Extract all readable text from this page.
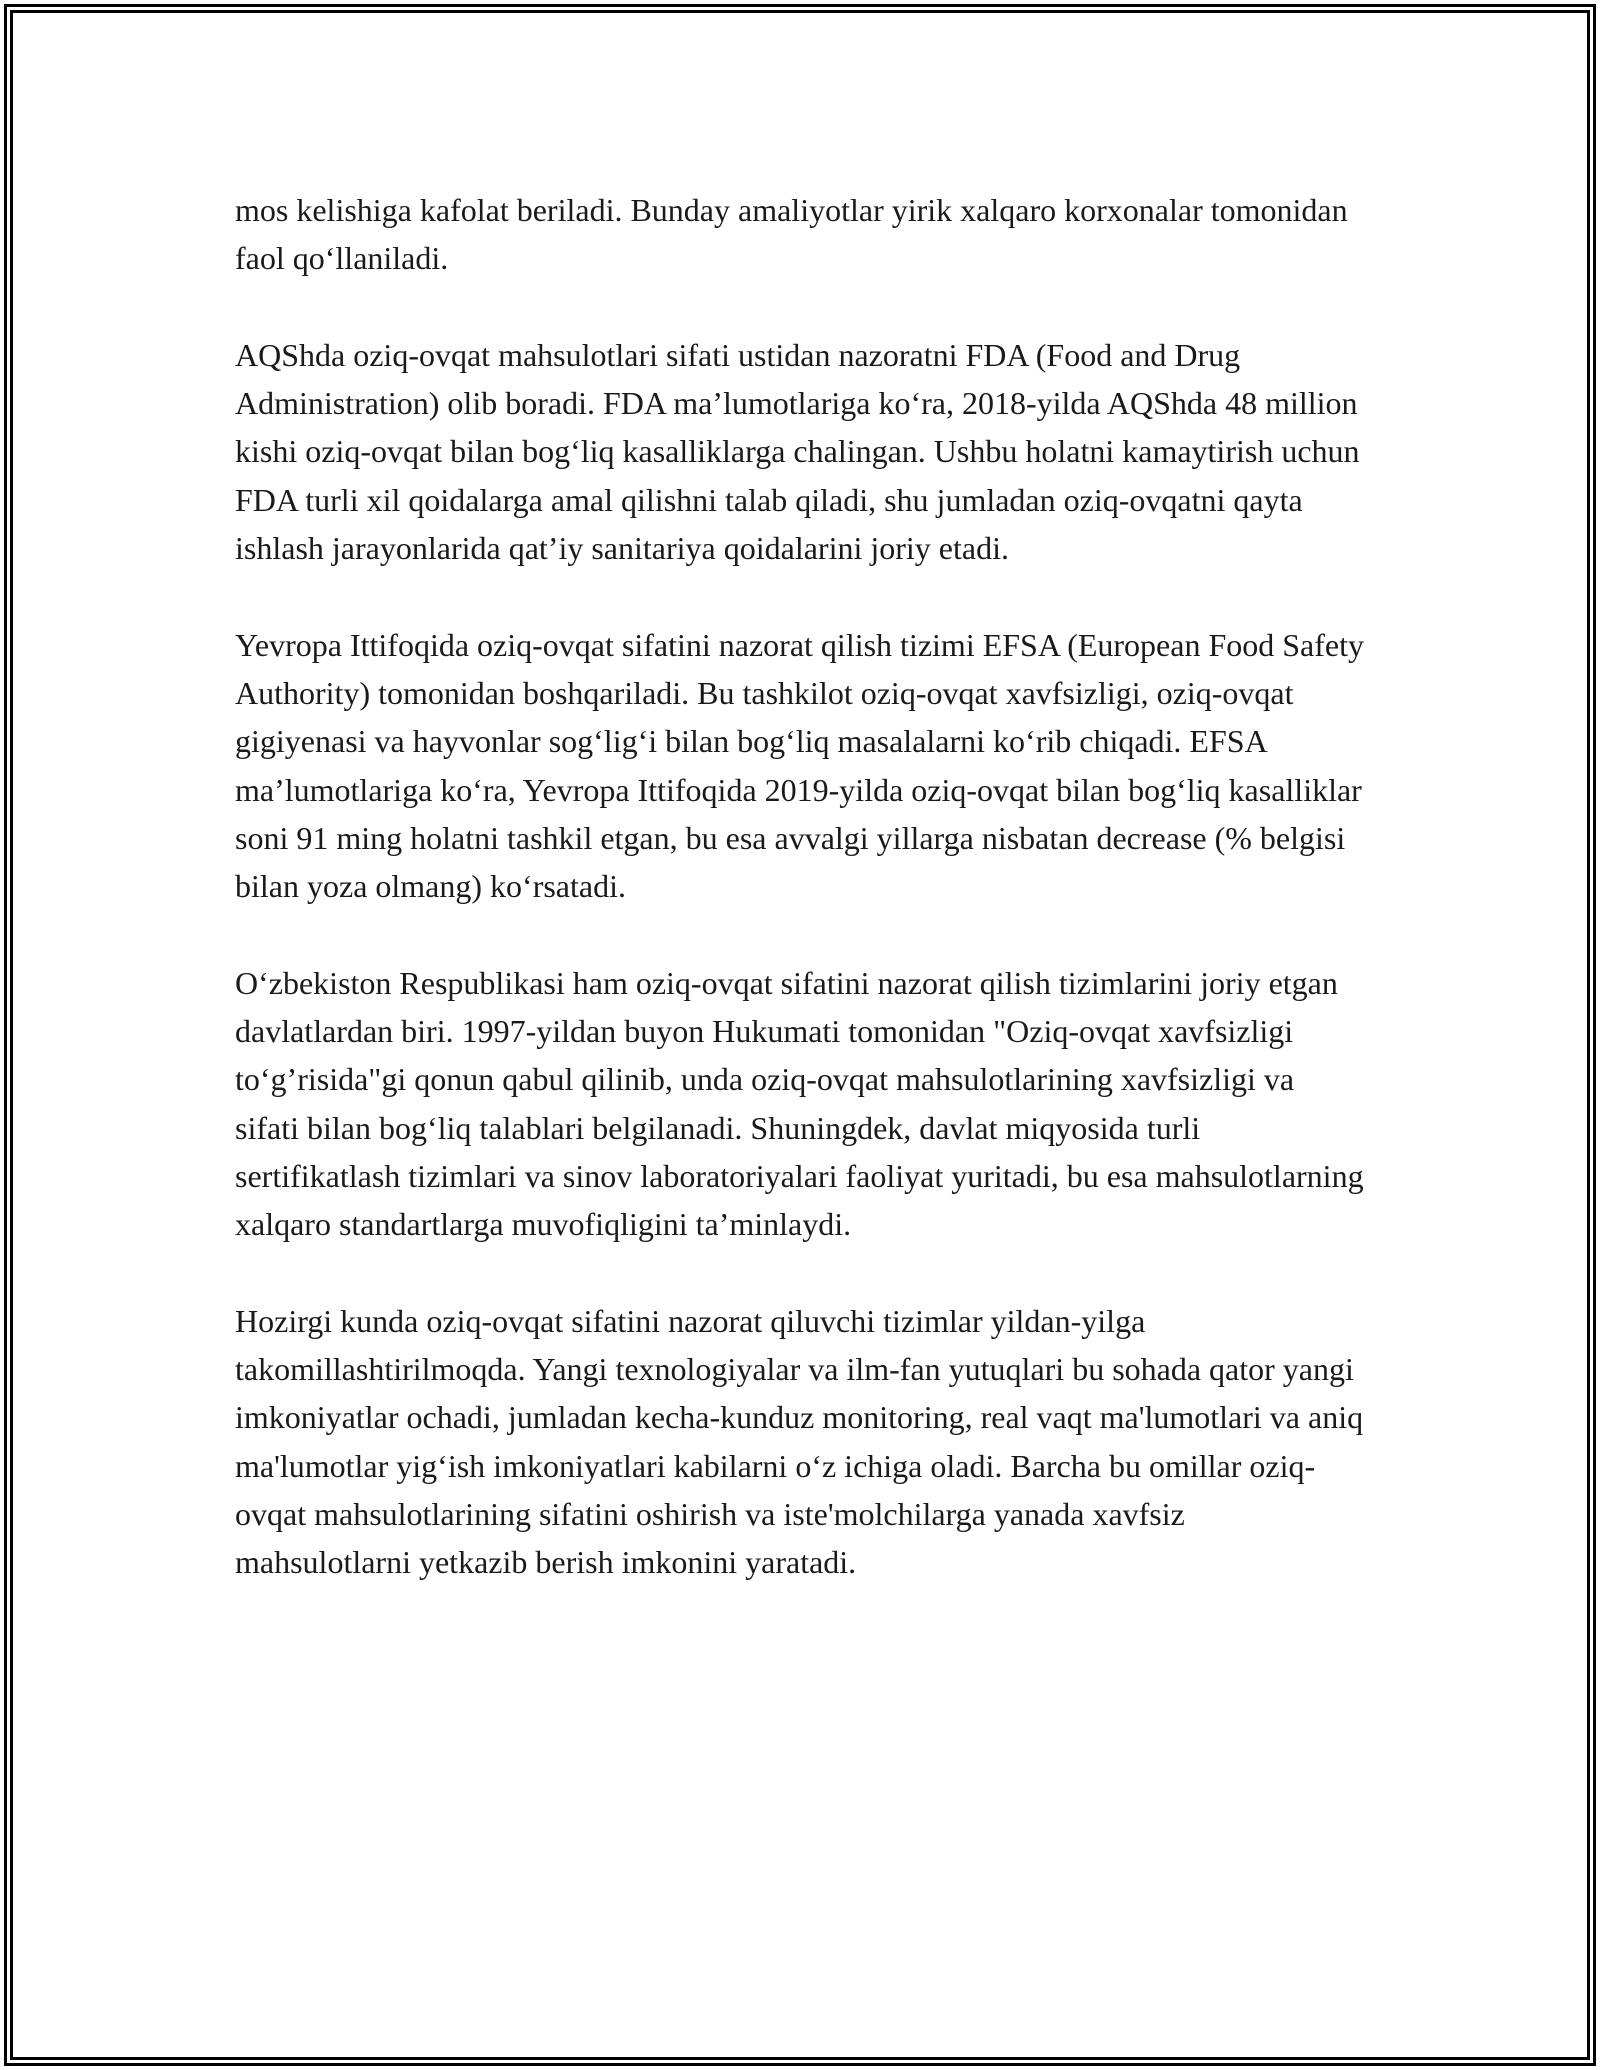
mos kelishiga kafolat beriladi. Bunday amaliyotlar yirik xalqaro korxonalar tomonidan faol qo‘llaniladi.

AQShda oziq-ovqat mahsulotlari sifati ustidan nazoratni FDA (Food and Drug Administration) olib boradi. FDA ma’lumotlariga ko‘ra, 2018-yilda AQShda 48 million kishi oziq-ovqat bilan bog‘liq kasalliklarga chalingan. Ushbu holatni kamaytirish uchun FDA turli xil qoidalarga amal qilishni talab qiladi, shu jumladan oziq-ovqatni qayta ishlash jarayonlarida qat’iy sanitariya qoidalarini joriy etadi.

Yevropa Ittifoqida oziq-ovqat sifatini nazorat qilish tizimi EFSA (European Food Safety Authority) tomonidan boshqariladi. Bu tashkilot oziq-ovqat xavfsizligi, oziq-ovqat gigiyenasi va hayvonlar sog‘lig‘i bilan bog‘liq masalalarni ko‘rib chiqadi. EFSA ma’lumotlariga ko‘ra, Yevropa Ittifoqida 2019-yilda oziq-ovqat bilan bog‘liq kasalliklar soni 91 ming holatni tashkil etgan, bu esa avvalgi yillarga nisbatan decrease (% belgisi bilan yoza olmang) ko‘rsatadi.

O‘zbekiston Respublikasi ham oziq-ovqat sifatini nazorat qilish tizimlarini joriy etgan davlatlardan biri. 1997-yildan buyon Hukumati tomonidan "Oziq-ovqat xavfsizligi to‘g’risida"gi qonun qabul qilinib, unda oziq-ovqat mahsulotlarining xavfsizligi va sifati bilan bog‘liq talablari belgilanadi. Shuningdek, davlat miqyosida turli sertifikatlash tizimlari va sinov laboratoriyalari faoliyat yuritadi, bu esa mahsulotlarning xalqaro standartlarga muvofiqligini ta’minlaydi.

Hozirgi kunda oziq-ovqat sifatini nazorat qiluvchi tizimlar yildan-yilga takomillashtirilmoqda. Yangi texnologiyalar va ilm-fan yutuqlari bu sohada qator yangi imkoniyatlar ochadi, jumladan kecha-kunduz monitoring, real vaqt ma'lumotlari va aniq ma'lumotlar yig‘ish imkoniyatlari kabilarni o‘z ichiga oladi. Barcha bu omillar oziq-ovqat mahsulotlarining sifatini oshirish va iste'molchilarga yanada xavfsiz mahsulotlarni yetkazib berish imkonini yaratadi.
